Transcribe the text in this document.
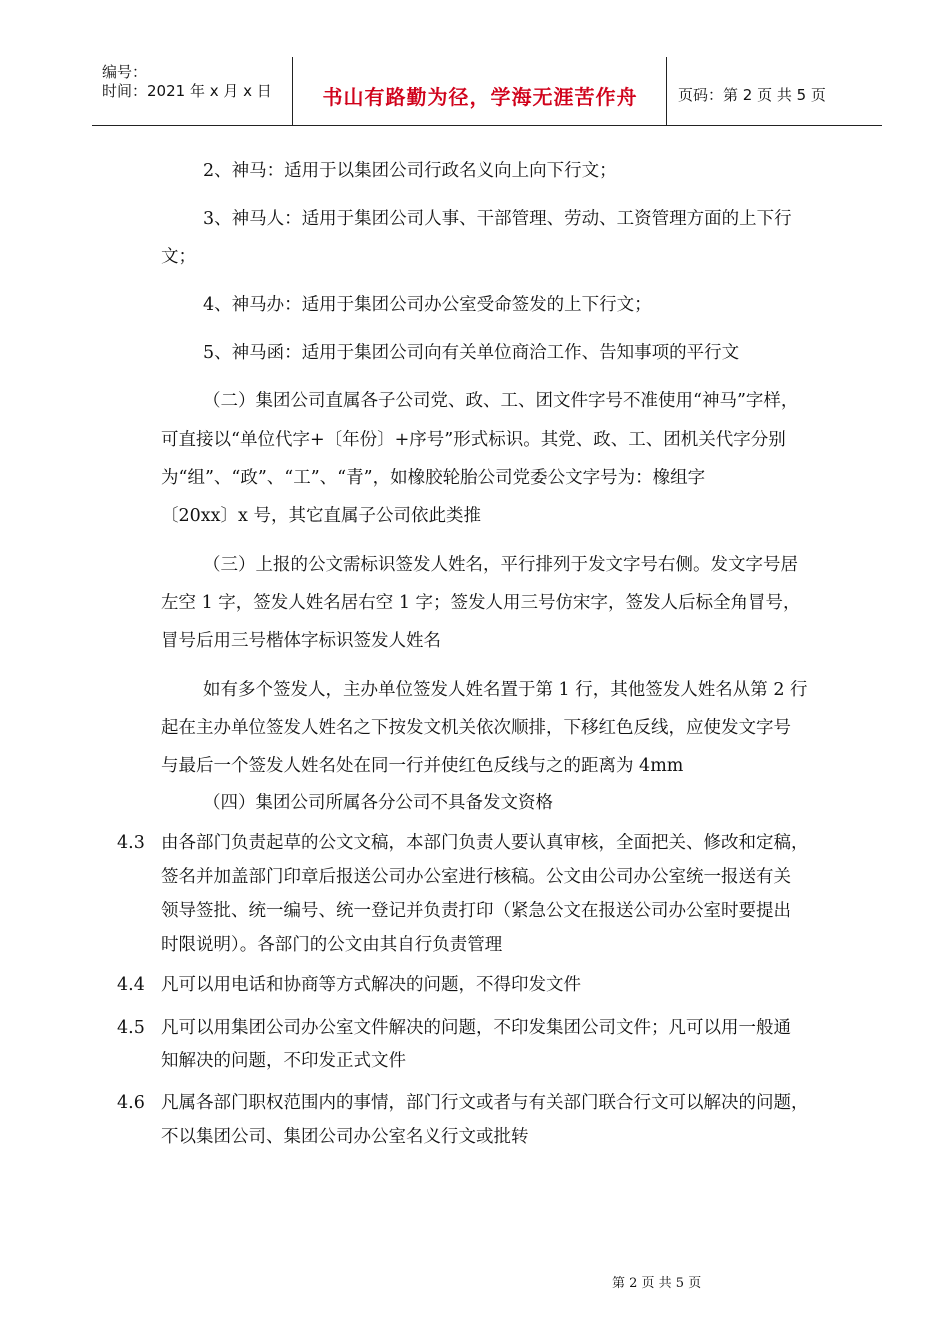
编号：
时间：2021 年 x 月 x 日	书山有路勤为径，学海无涯苦作舟	页码：第 2 页 共 5 页
2、神马：适用于以集团公司行政名义向上向下行文；
3、神马人：适用于集团公司人事、干部管理、劳动、工资管理方面的上下行
文；
4、神马办：适用于集团公司办公室受命签发的上下行文；
5、神马函：适用于集团公司向有关单位商洽工作、告知事项的平行文
（二）集团公司直属各子公司党、政、工、团文件字号不准使用“神马”字样，
可直接以“单位代字+〔年份〕+序号”形式标识。其党、政、工、团机关代字分别
为“组”、“政”、“工”、“青”，如橡胶轮胎公司党委公文字号为：橡组字
〔20xx〕x 号，其它直属子公司依此类推
（三）上报的公文需标识签发人姓名，平行排列于发文字号右侧。发文字号居
左空 1 字，签发人姓名居右空 1 字；签发人用三号仿宋字，签发人后标全角冒号，
冒号后用三号楷体字标识签发人姓名
如有多个签发人，主办单位签发人姓名置于第 1 行，其他签发人姓名从第 2 行
起在主办单位签发人姓名之下按发文机关依次顺排，下移红色反线，应使发文字号
与最后一个签发人姓名处在同一行并使红色反线与之的距离为 4mm
（四）集团公司所属各分公司不具备发文资格
4.3 由各部门负责起草的公文文稿，本部门负责人要认真审核，全面把关、修改和定稿，
签名并加盖部门印章后报送公司办公室进行核稿。公文由公司办公室统一报送有关
领导签批、统一编号、统一登记并负责打印（紧急公文在报送公司办公室时要提出
时限说明）。各部门的公文由其自行负责管理
4.4 凡可以用电话和协商等方式解决的问题，不得印发文件
4.5 凡可以用集团公司办公室文件解决的问题，不印发集团公司文件；凡可以用一般通
知解决的问题，不印发正式文件
4.6 凡属各部门职权范围内的事情，部门行文或者与有关部门联合行文可以解决的问题，
不以集团公司、集团公司办公室名义行文或批转
第 2 页 共 5 页
